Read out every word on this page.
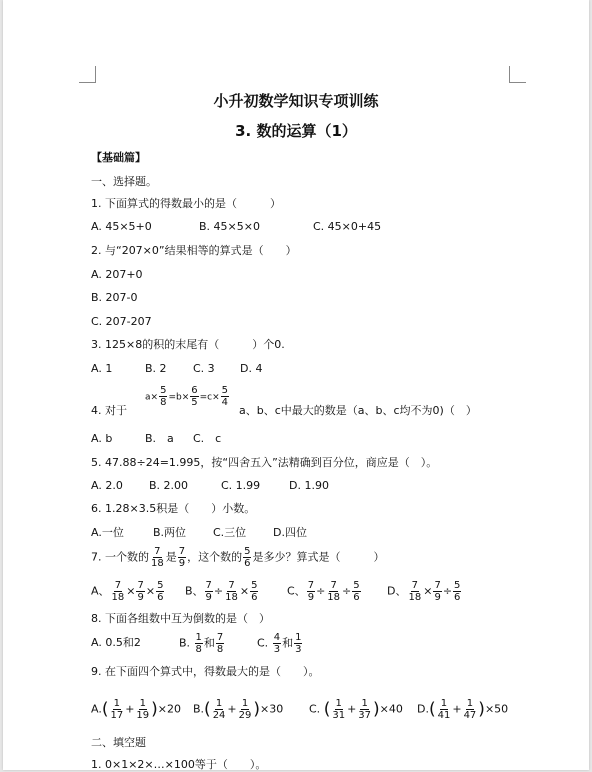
小升初数学知识专项训练
3. 数的运算（1）
【基础篇】
一、选择题。
1. 下面算式的得数最小的是（　　　）
A. 45×5+0	B. 45×5×0	C. 45×0+45
2. 与“207×0”结果相等的算式是（　　）
A. 207+0
B. 207-0
C. 207-207
3. 125×8的积的末尾有（　　　）个0.
A. 1	B. 2 C. 3 D. 4
$a\times \frac{5}{8} =b\times \frac{6}{5} =c\times \frac{5}{4}$
4. 对于	a、b、c中最大的数是（a、b、c均不为0)（　）
A. b	B.　a C.　c
5. 47.88÷24=1.995，按“四舍五入”法精确到百分位，商应是（　）。
A. 2.0 B. 2.00	C. 1.99	D. 1.90
6. 1.28×3.5积是（　　）小数。
A.一位	B.两位 C.三位 D.四位
7. 一个数的 $\frac{7}{18}$ 是 $\frac{7}{9}$ ，这个数的 $\frac{5}{6}$ 是多少？算式是（　　　）
A、 $\frac{7}{18} \times \frac{7}{9} \times \frac{5}{6}$ B、 $\frac{7}{9} \div \frac{7}{18} \times \frac{5}{6}$	C、 $\frac{7}{9} \div \frac{7}{18} \div \frac{5}{6}$ D、 $\frac{7}{18} \times \frac{7}{9} \div \frac{5}{6}$
8. 下面各组数中互为倒数的是（　）
A. 0.5和2	B. $\frac{1}{8}$ 和 $\frac{7}{8}$	C. $\frac{4}{3}$ 和 $\frac{1}{3}$
9. 在下面四个算式中，得数最大的是（　　）。
$A.( \frac{1}{17} + \frac{1}{19} )\times 20$ $B.( \frac{1}{24} + \frac{1}{29} )\times 30$ C. ( $\frac{1}{31} + \frac{1}{37} )\times 40$ $D.( \frac{1}{41} + \frac{1}{47} )\times 50$
二、填空题
1. 0×1×2×…×100等于（　　）。
